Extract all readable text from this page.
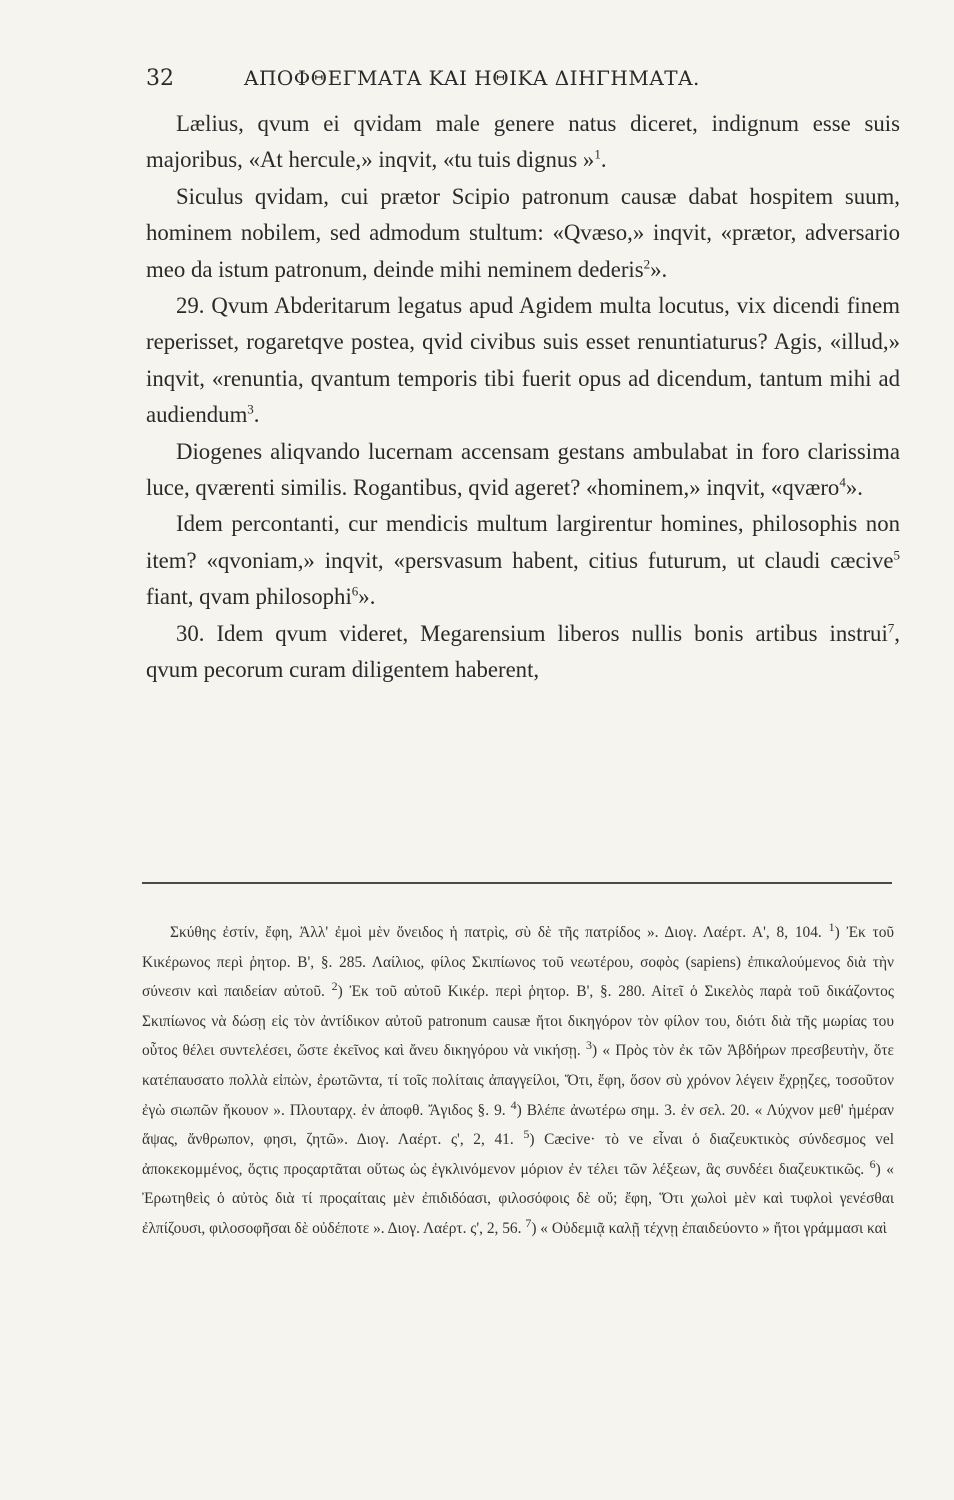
32	ΑΠΟΦΘΕΓΜΑΤΑ ΚΑΙ ΗΘΙΚΑ ΔΙΗΓΗΜΑΤΑ.

Lælius, qvum ei qvidam male genere natus diceret, indignum esse suis majoribus, «At hercule,» inqvit, «tu tuis dignus »$^1$.

Siculus qvidam, cui prætor Scipio patronum causæ dabat hospitem suum, hominem nobilem, sed admodum stultum: «Qvæso,» inqvit, «prætor, adversario meo da istum patronum, deinde mihi neminem dederis$^2$».

29. Qvum Abderitarum legatus apud Agidem multa locutus, vix dicendi finem reperisset, rogaretqve postea, qvid civibus suis esset renuntiaturus? Agis, «illud,» inqvit, «renuntia, qvantum temporis tibi fuerit opus ad dicendum, tantum mihi ad audiendum$^3$.

Diogenes aliqvando lucernam accensam gestans ambulabat in foro clarissima luce, qværenti similis. Rogantibus, qvid ageret? «hominem,» inqvit, «qværo$^4$».

Idem percontanti, cur mendicis multum largirentur homines, philosophis non item? «qvoniam,» inqvit, «persvasum habent, citius futurum, ut claudi cæcive$^5$ fiant, qvam philosophi$^6$».

30. Idem qvum videret, Megarensium liberos nullis bonis artibus instrui$^7$, qvum pecorum curam diligentem haberent,

Σκύθης ἐστίν, ἔφη, Ἀλλ' ἐμοὶ μὲν ὄνειδος ἡ πατρὶς, σὺ δὲ τῆς πατρίδος ». Διογ. Λαέρτ. Α', 8, 104. $^1$) Ἐκ τοῦ Κικέρωνος περὶ ῥητορ. Β', §. 285. Λαίλιος, φίλος Σκιπίωνος τοῦ νεωτέρου, σοφὸς (sapiens) ἐπικαλούμενος διὰ τὴν σύνεσιν καὶ παιδείαν αὐτοῦ. $^2$) Ἐκ τοῦ αὐτοῦ Κικέρ. περὶ ῥητορ. Β', §. 280. Αἰτεῖ ὁ Σικελὸς παρὰ τοῦ δικάζοντος Σκιπίωνος νὰ δώσῃ εἰς τὸν ἀντίδικον αὐτοῦ patronum causæ ἤτοι δικηγόρον τὸν φίλον του, διότι διὰ τῆς μωρίας του οὗτος θέλει συντελέσει, ὥστε ἐκεῖνος καὶ ἄνευ δικηγόρου νὰ νικήσῃ. $^3$) « Πρὸς τὸν ἐκ τῶν Ἀβδήρων πρεσβευτὴν, ὅτε κατέπαυσατο πολλὰ εἰπὼν, ἐρωτῶντα, τί τοῖς πολίταις ἀπαγγείλοι, Ὅτι, ἔφη, ὅσον σὺ χρόνον λέγειν ἔχρῃζες, τοσοῦτον ἐγὼ σιωπῶν ἤκουον ». Πλουταρχ. ἐν ἀποφθ. Ἄγιδος §. 9. $^4$) Βλέπε ἀνωτέρω σημ. 3. ἐν σελ. 20. « Λύχνον μεθ' ἡμέραν ἅψας, ἄνθρωπον, φησι, ζητῶ». Διογ. Λαέρτ. ς', 2, 41. $^5$) Cæcive· τὸ ve εἶναι ὁ διαζευκτικὸς σύνδεσμος vel ἀποκεκομμένος, ὅςτις προςαρτᾶται οὕτως ὡς ἐγκλινόμενον μόριον ἐν τέλει τῶν λέξεων, ἃς συνδέει διαζευκτικῶς. $^6$) « Ἐρωτηθεὶς ὁ αὐτὸς διὰ τί προςαίταις μὲν ἐπιδιδόασι, φιλοσόφοις δὲ οὔ; ἔφη, Ὅτι χωλοὶ μὲν καὶ τυφλοὶ γενέσθαι ἐλπίζουσι, φιλοσοφῆσαι δὲ οὐδέποτε ». Διογ. Λαέρτ. ς', 2, 56. $^7$) « Οὐδεμιᾷ καλῇ τέχνῃ ἐπαιδεύοντο » ἤτοι γράμμασι καὶ
